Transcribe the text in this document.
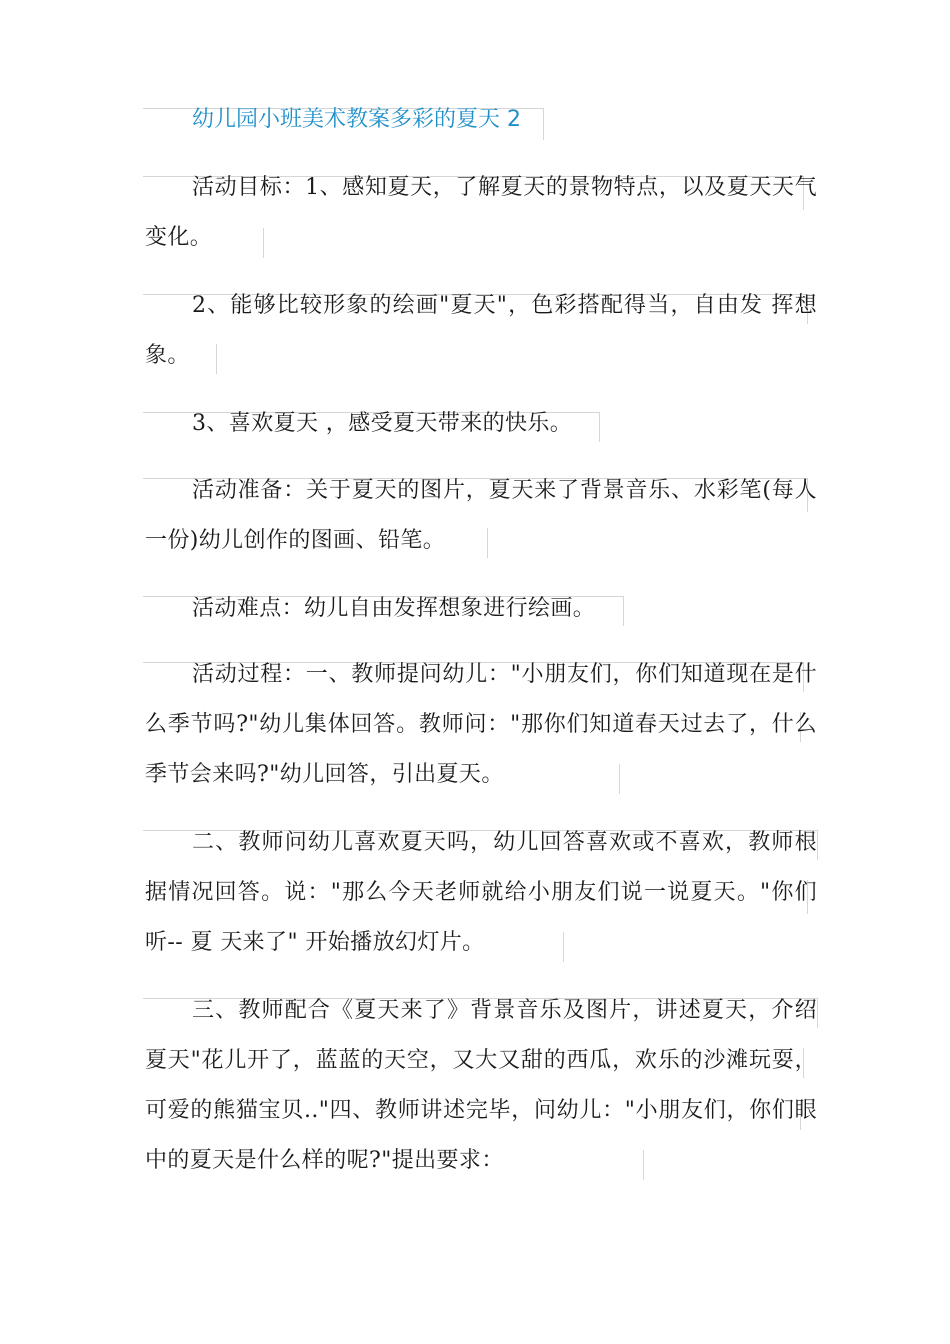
幼儿园小班美术教案多彩的夏天 2
活动目标：1、感知夏天，了解夏天的景物特点，以及夏天天气变化。
2、能够比较形象的绘画"夏天"，色彩搭配得当，自由发 挥想象。
3、喜欢夏天 ，感受夏天带来的快乐。
活动准备：关于夏天的图片，夏天来了背景音乐、水彩笔(每人一份)幼儿创作的图画、铅笔。
活动难点：幼儿自由发挥想象进行绘画。
活动过程：一、教师提问幼儿："小朋友们，你们知道现在是什么季节吗?"幼儿集体回答。教师问："那你们知道春天过去了，什么季节会来吗?"幼儿回答，引出夏天。
二、教师问幼儿喜欢夏天吗，幼儿回答喜欢或不喜欢，教师根据情况回答。说："那么今天老师就给小朋友们说一说夏天。"你们听-- 夏 天来了" 开始播放幻灯片。
三、教师配合《夏天来了》背景音乐及图片，讲述夏天，介绍夏天"花儿开了，蓝蓝的天空，又大又甜的西瓜，欢乐的沙滩玩耍，可爱的熊猫宝贝.."四、教师讲述完毕，问幼儿："小朋友们，你们眼中的夏天是什么样的呢?"提出要求：
